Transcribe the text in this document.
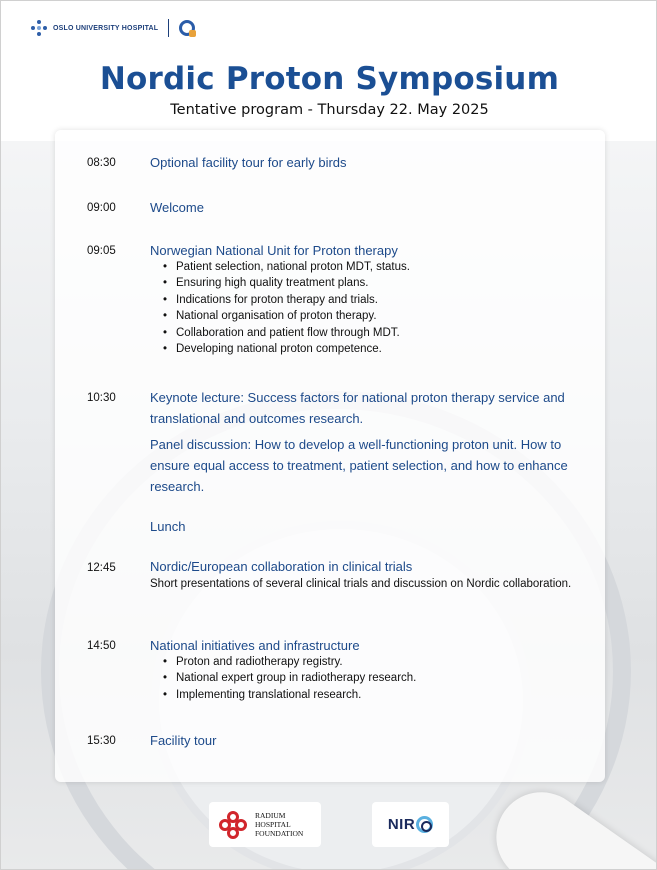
OSLO UNIVERSITY HOSPITAL
Nordic Proton Symposium
Tentative program - Thursday 22. May 2025
08:30	Optional facility tour for early birds
09:00	Welcome
09:05	Norwegian National Unit for Proton therapy
• Patient selection, national proton MDT, status.
• Ensuring high quality treatment plans.
• Indications for proton therapy and trials.
• National organisation of proton therapy.
• Collaboration and patient flow through MDT.
• Developing national proton competence.
10:30	Keynote lecture: Success factors for national proton therapy service and translational and outcomes research.
Panel discussion: How to develop a well-functioning proton unit. How to ensure equal access to treatment, patient selection, and how to enhance research.
Lunch
12:45	Nordic/European collaboration in clinical trials
Short presentations of several clinical trials and discussion on Nordic collaboration.
14:50	National initiatives and infrastructure
• Proton and radiotherapy registry.
• National expert group in radiotherapy research.
• Implementing translational research.
15:30	Facility tour
RADIUM
HOSPITAL
FOUNDATION
NIR
